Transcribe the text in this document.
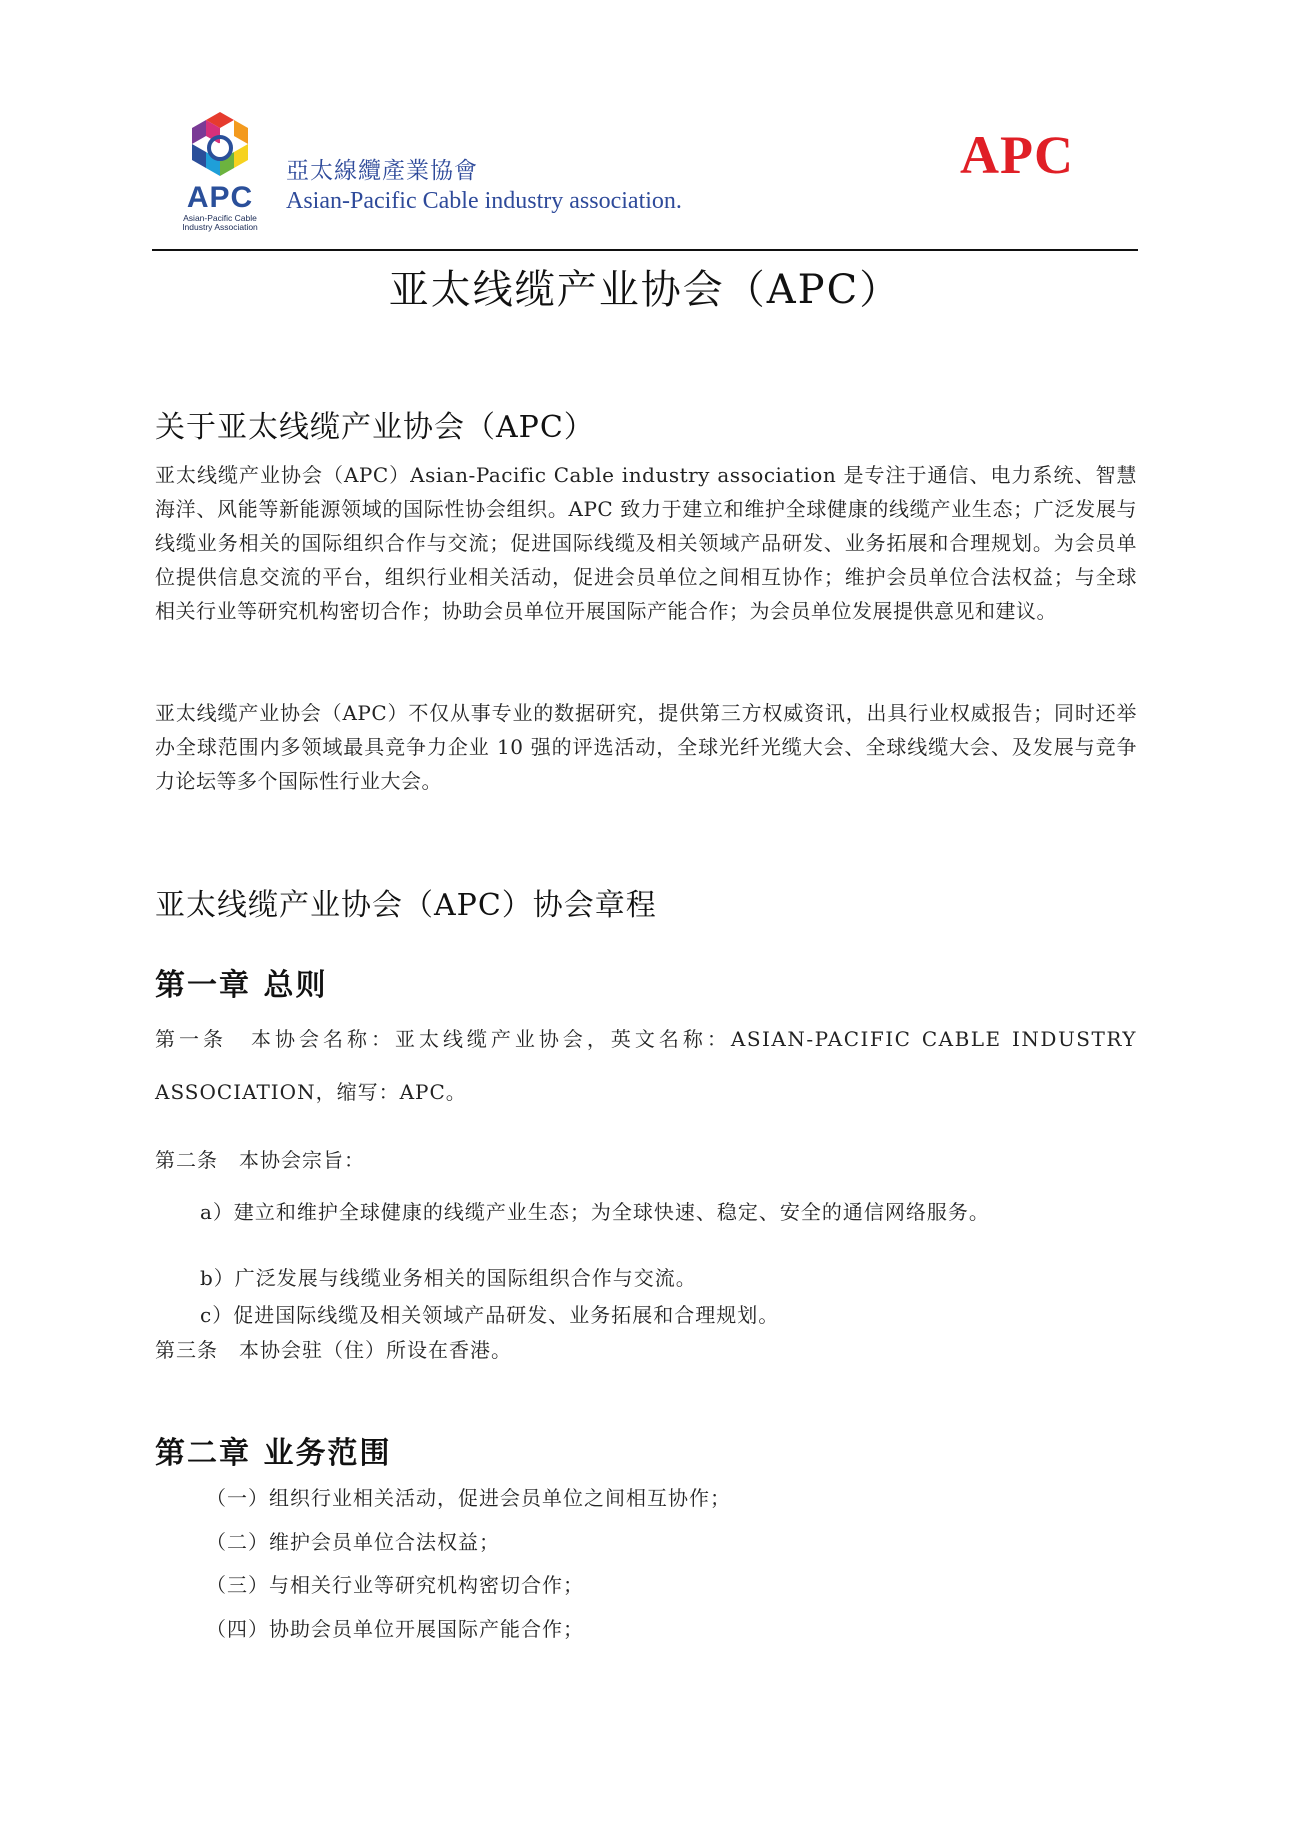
APC
Asian-Pacific Cable
Industry Association
亞太線纜產業協會
Asian-Pacific Cable industry association.
APC
亚太线缆产业协会（APC）
关于亚太线缆产业协会（APC）
亚太线缆产业协会（APC）Asian-Pacific Cable industry association 是专注于通信、电力系统、智慧海洋、风能等新能源领域的国际性协会组织。APC 致力于建立和维护全球健康的线缆产业生态；广泛发展与线缆业务相关的国际组织合作与交流；促进国际线缆及相关领域产品研发、业务拓展和合理规划。为会员单位提供信息交流的平台，组织行业相关活动，促进会员单位之间相互协作；维护会员单位合法权益；与全球相关行业等研究机构密切合作；协助会员单位开展国际产能合作；为会员单位发展提供意见和建议。
亚太线缆产业协会（APC）不仅从事专业的数据研究，提供第三方权威资讯，出具行业权威报告；同时还举办全球范围内多领域最具竞争力企业 10 强的评选活动，全球光纤光缆大会、全球线缆大会、及发展与竞争力论坛等多个国际性行业大会。
亚太线缆产业协会（APC）协会章程
第一章 总则
第一条　本协会名称：亚太线缆产业协会，英文名称：ASIAN-PACIFIC CABLE INDUSTRY
ASSOCIATION，缩写：APC。
第二条　本协会宗旨：
a）建立和维护全球健康的线缆产业生态；为全球快速、稳定、安全的通信网络服务。
b）广泛发展与线缆业务相关的国际组织合作与交流。
c）促进国际线缆及相关领域产品研发、业务拓展和合理规划。
第三条　本协会驻（住）所设在香港。
第二章 业务范围
（一）组织行业相关活动，促进会员单位之间相互协作；
（二）维护会员单位合法权益；
（三）与相关行业等研究机构密切合作；
（四）协助会员单位开展国际产能合作；
